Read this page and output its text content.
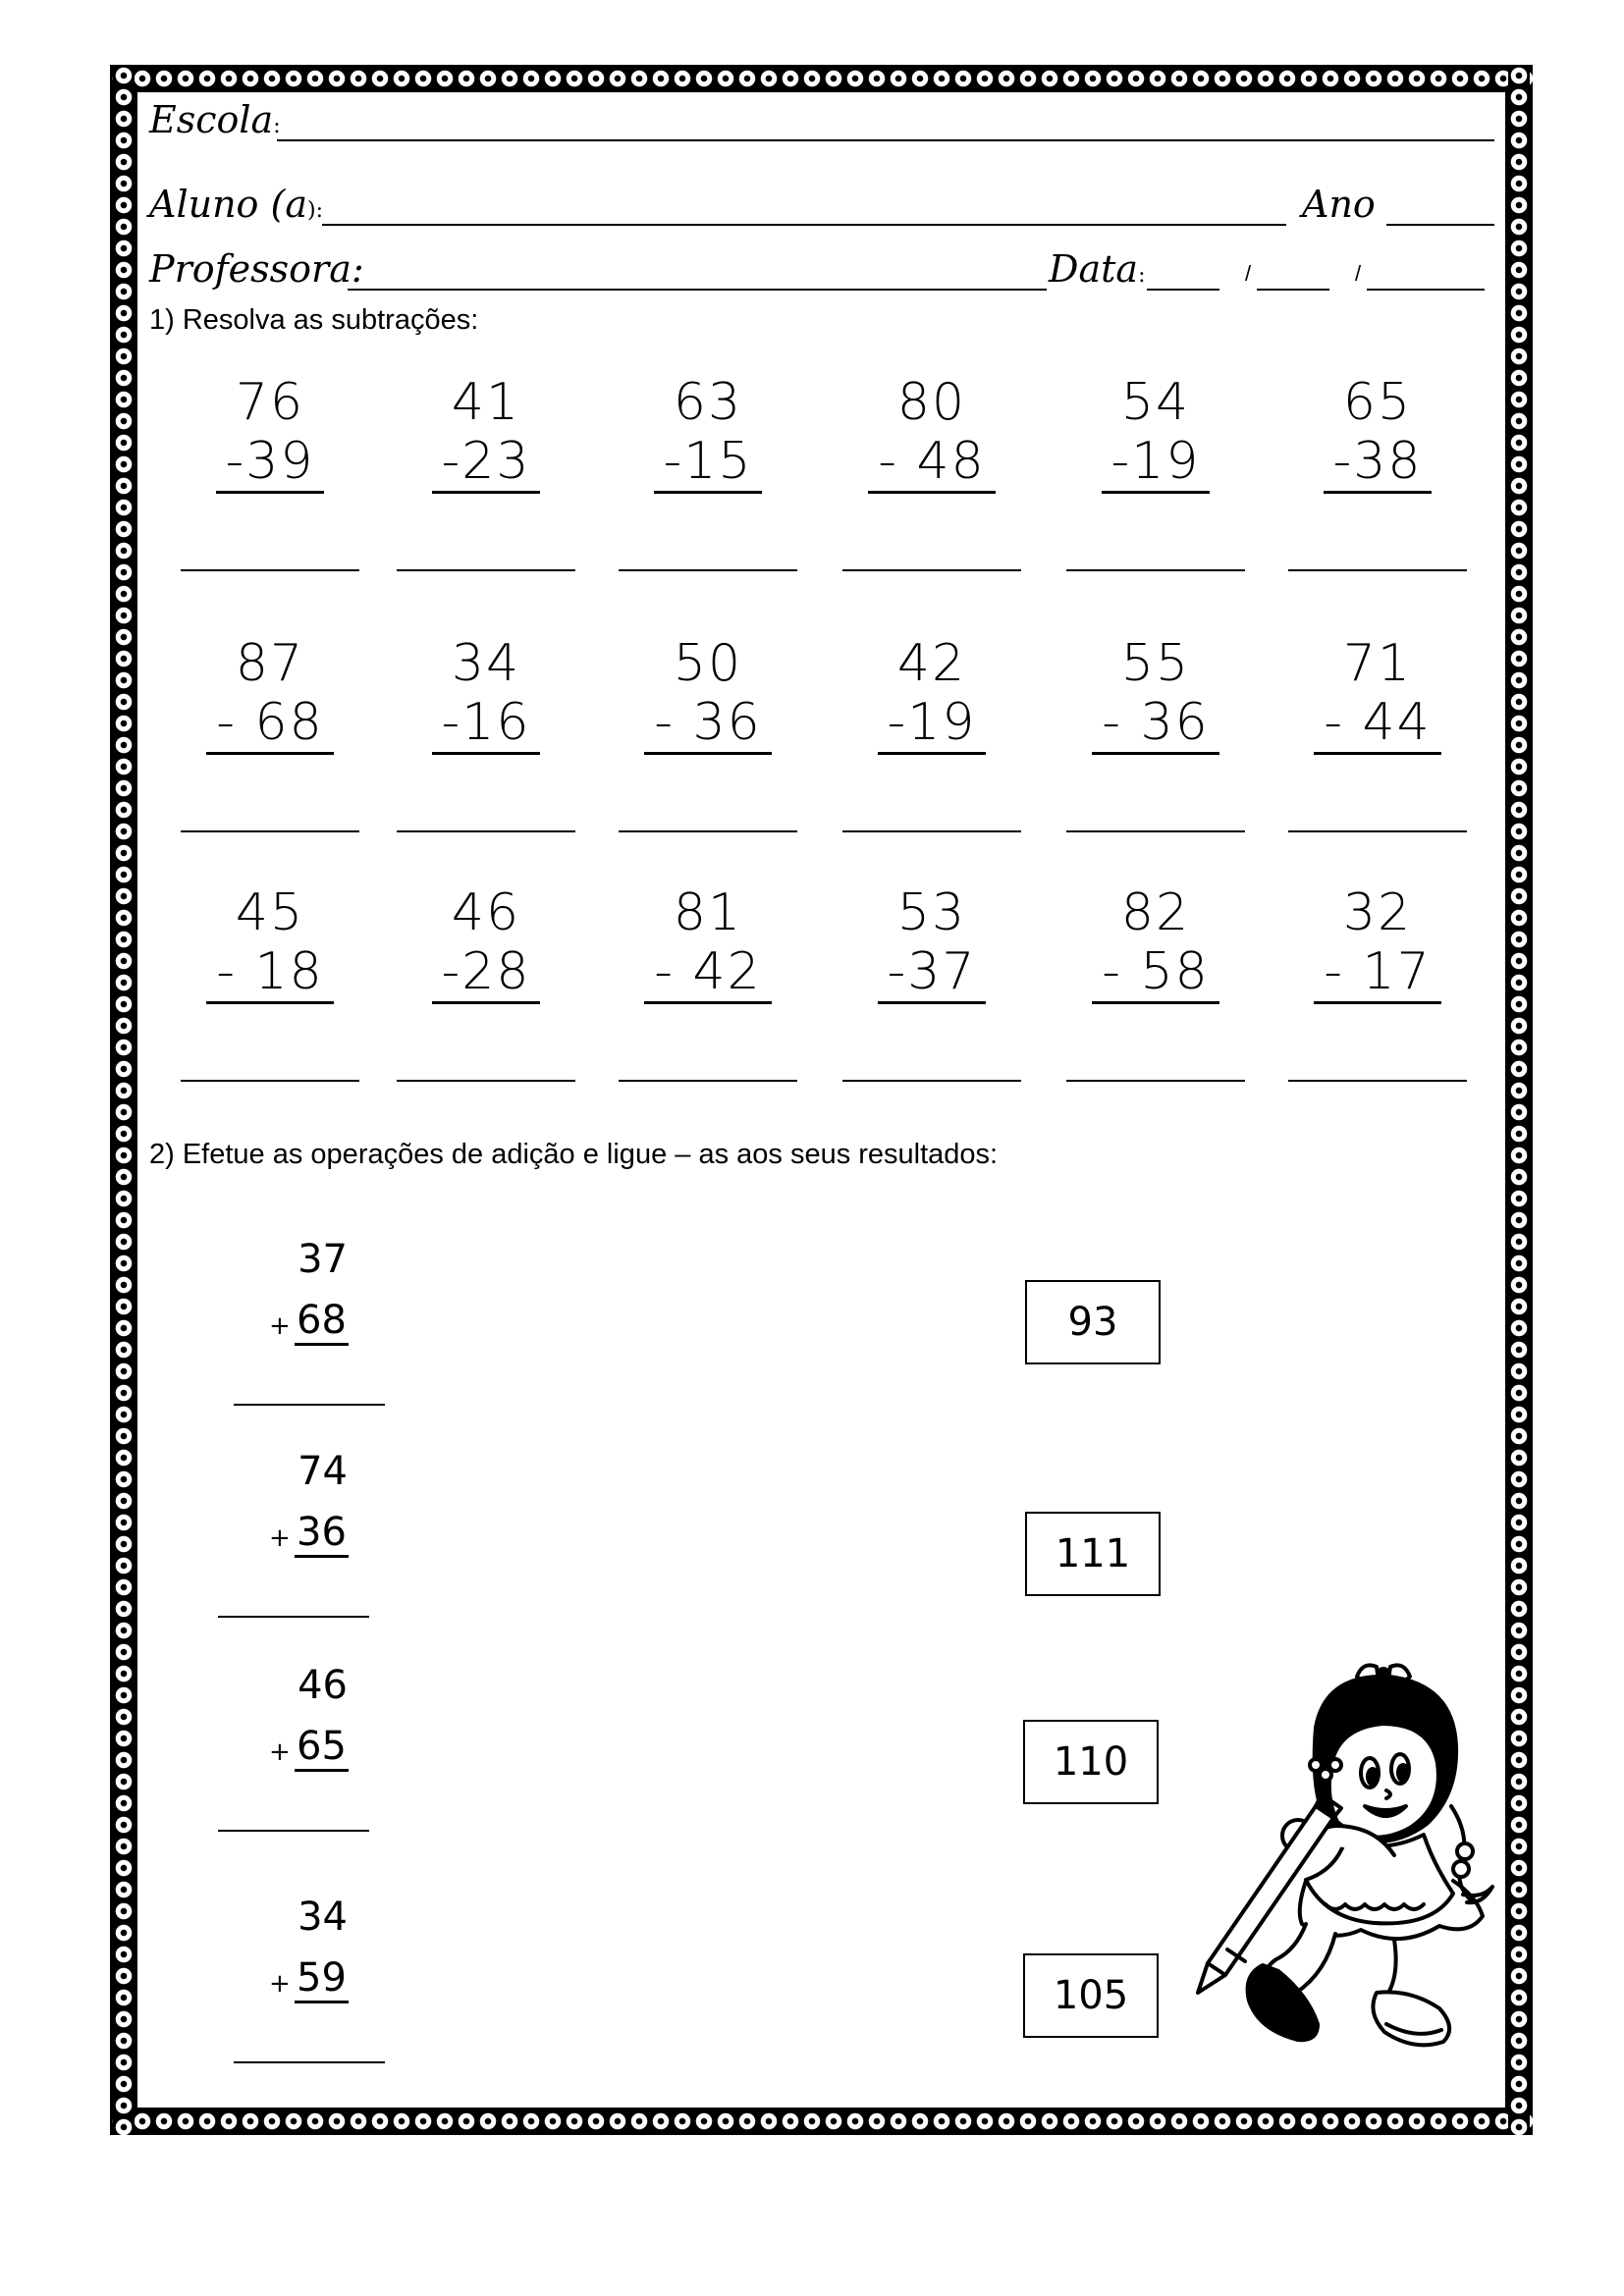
Escola:
Aluno (a):	Ano
Professora:	Data:	/	/
1) Resolva as subtrações:
76
-39
41
-23
63
-15
80
- 48
54
-19
65
-38
87
- 68
34
-16
50
- 36
42
-19
55
- 36
71
- 44
45
- 18
46
-28
81
- 42
53
-37
82
- 58
32
- 17
2) Efetue as operações de adição e ligue – as aos seus resultados:
37
+ 68
74
+ 36
46
+ 65
34
+ 59
93
111
110
105
